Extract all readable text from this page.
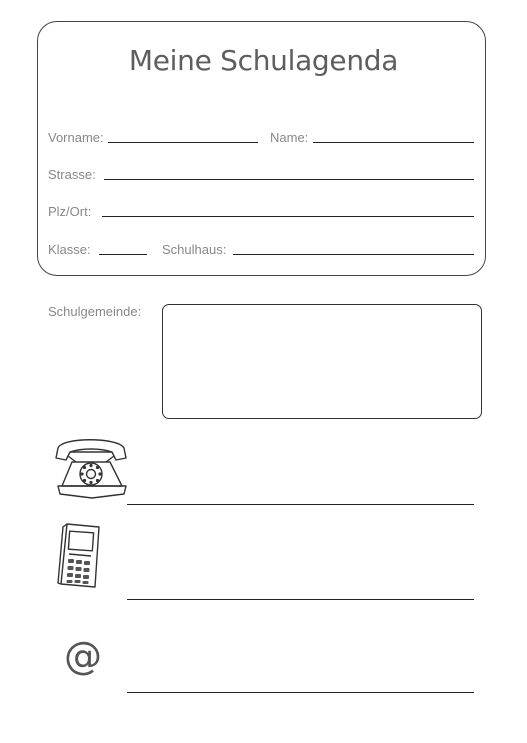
Meine Schulagenda
Vorname:	Name:
Strasse:
Plz/Ort:
Klasse:	Schulhaus:
Schulgemeinde:
@
